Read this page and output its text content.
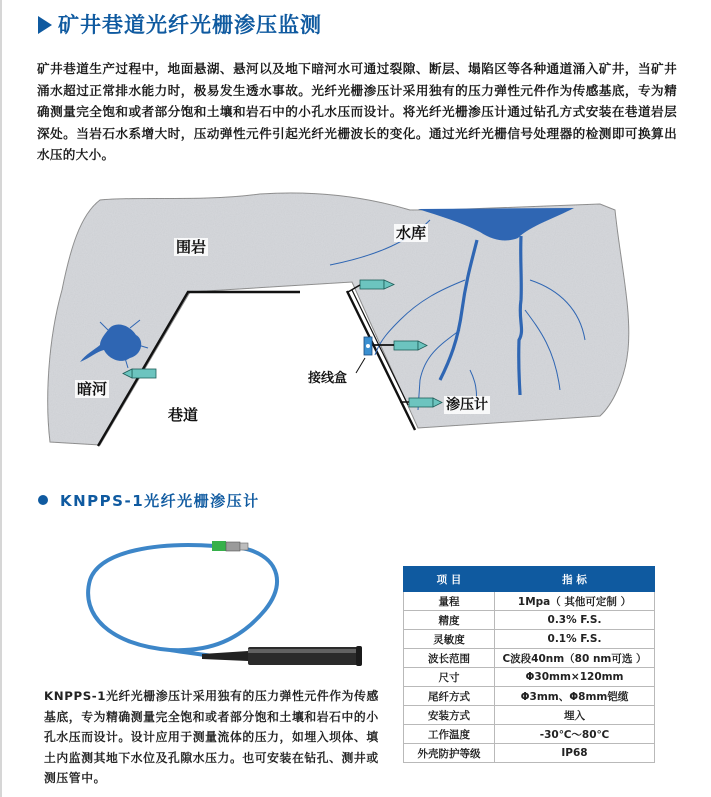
矿井巷道光纤光栅渗压监测
矿井巷道生产过程中，地面悬湖、悬河以及地下暗河水可通过裂隙、断层、塌陷区等各种通道涌入矿井，当矿井涌水超过正常排水能力时，极易发生透水事故。光纤光栅渗压计采用独有的压力弹性元件作为传感基底，专为精确测量完全饱和或者部分饱和土壤和岩石中的小孔水压而设计。将光纤光栅渗压计通过钻孔方式安装在巷道岩层深处。当岩石水系增大时，压动弹性元件引起光纤光栅波长的变化。通过光纤光栅信号处理器的检测即可换算出水压的大小。
围岩
水库
暗河
巷道
接线盒
渗压计
KNPPS-1光纤光栅渗压计
KNPPS-1光纤光栅渗压计采用独有的压力弹性元件作为传感 基底，专为精确测量完全饱和或者部分饱和土壤和岩石中的小孔水压而设计。设计应用于测量流体的压力，如埋入坝体、填土内监测其地下水位及孔隙水压力。也可安装在钻孔、测井或测压管中。
项 目	指 标
量程	1Mpa（ 其他可定制 ）
精度	0.3% F.S.
灵敏度	0.1% F.S.
波长范围	C波段40nm（80 nm可选 ）
尺寸	Φ30mm×120mm
尾纤方式	Φ3mm、Φ8mm铠缆
安装方式	埋入
工作温度	-30℃～80℃
外壳防护等级	IP68
